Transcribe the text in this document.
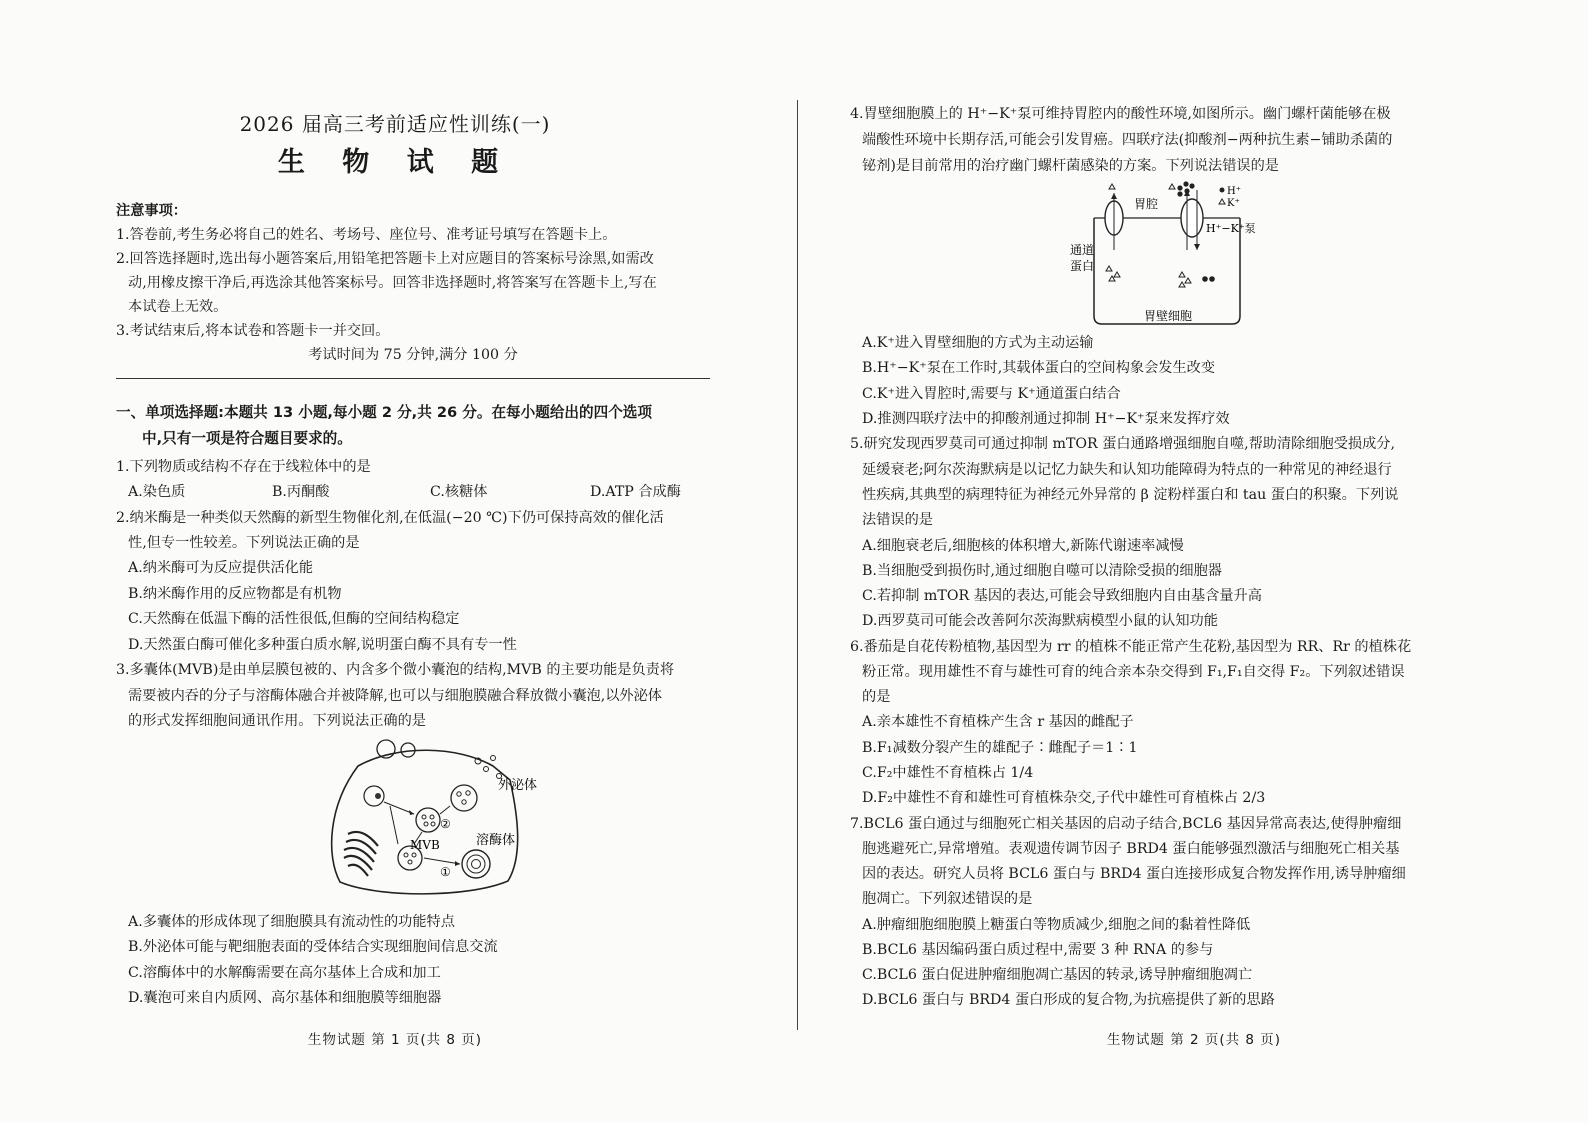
2026 届高三考前适应性训练(一)
生 物 试 题
注意事项：
1.答卷前,考生务必将自己的姓名、考场号、座位号、准考证号填写在答题卡上。
2.回答选择题时,选出每小题答案后,用铅笔把答题卡上对应题目的答案标号涂黑,如需改
动,用橡皮擦干净后,再选涂其他答案标号。回答非选择题时,将答案写在答题卡上,写在
本试卷上无效。
3.考试结束后,将本试卷和答题卡一并交回。
考试时间为 75 分钟,满分 100 分
一、单项选择题:本题共 13 小题,每小题 2 分,共 26 分。在每小题给出的四个选项
中,只有一项是符合题目要求的。
1.下列物质或结构不存在于线粒体中的是
A.染色质	B.丙酮酸	C.核糖体	D.ATP 合成酶
2.纳米酶是一种类似天然酶的新型生物催化剂,在低温(−20 ℃)下仍可保持高效的催化活
性,但专一性较差。下列说法正确的是
A.纳米酶可为反应提供活化能
B.纳米酶作用的反应物都是有机物
C.天然酶在低温下酶的活性很低,但酶的空间结构稳定
D.天然蛋白酶可催化多种蛋白质水解,说明蛋白酶不具有专一性
3.多囊体(MVB)是由单层膜包被的、内含多个微小囊泡的结构,MVB 的主要功能是负责将
需要被内吞的分子与溶酶体融合并被降解,也可以与细胞膜融合释放微小囊泡,以外泌体
的形式发挥细胞间通讯作用。下列说法正确的是
外泌体
溶酶体
MVB
②
①
A.多囊体的形成体现了细胞膜具有流动性的功能特点
B.外泌体可能与靶细胞表面的受体结合实现细胞间信息交流
C.溶酶体中的水解酶需要在高尔基体上合成和加工
D.囊泡可来自内质网、高尔基体和细胞膜等细胞器
生物试题 第 1 页(共 8 页)
4.胃壁细胞膜上的 H⁺−K⁺泵可维持胃腔内的酸性环境,如图所示。幽门螺杆菌能够在极
端酸性环境中长期存活,可能会引发胃癌。四联疗法(抑酸剂−两种抗生素−铺助杀菌的
铋剂)是目前常用的治疗幽门螺杆菌感染的方案。下列说法错误的是
H⁺
K⁺
胃腔
通道
蛋白
H⁺−K⁺泵
胃壁细胞
A.K⁺进入胃壁细胞的方式为主动运输
B.H⁺−K⁺泵在工作时,其载体蛋白的空间构象会发生改变
C.K⁺进入胃腔时,需要与 K⁺通道蛋白结合
D.推测四联疗法中的抑酸剂通过抑制 H⁺−K⁺泵来发挥疗效
5.研究发现西罗莫司可通过抑制 mTOR 蛋白通路增强细胞自噬,帮助清除细胞受损成分,
延缓衰老;阿尔茨海默病是以记忆力缺失和认知功能障碍为特点的一种常见的神经退行
性疾病,其典型的病理特征为神经元外异常的 β 淀粉样蛋白和 tau 蛋白的积聚。下列说
法错误的是
A.细胞衰老后,细胞核的体积增大,新陈代谢速率减慢
B.当细胞受到损伤时,通过细胞自噬可以清除受损的细胞器
C.若抑制 mTOR 基因的表达,可能会导致细胞内自由基含量升高
D.西罗莫司可能会改善阿尔茨海默病模型小鼠的认知功能
6.番茄是自花传粉植物,基因型为 rr 的植株不能正常产生花粉,基因型为 RR、Rr 的植株花
粉正常。现用雄性不育与雄性可育的纯合亲本杂交得到 F₁,F₁自交得 F₂。下列叙述错误
的是
A.亲本雄性不育植株产生含 r 基因的雌配子
B.F₁减数分裂产生的雄配子∶雌配子＝1∶1
C.F₂中雄性不育植株占 1/4
D.F₂中雄性不育和雄性可育植株杂交,子代中雄性可育植株占 2/3
7.BCL6 蛋白通过与细胞死亡相关基因的启动子结合,BCL6 基因异常高表达,使得肿瘤细
胞逃避死亡,异常增殖。表观遗传调节因子 BRD4 蛋白能够强烈激活与细胞死亡相关基
因的表达。研究人员将 BCL6 蛋白与 BRD4 蛋白连接形成复合物发挥作用,诱导肿瘤细
胞凋亡。下列叙述错误的是
A.肿瘤细胞细胞膜上糖蛋白等物质减少,细胞之间的黏着性降低
B.BCL6 基因编码蛋白质过程中,需要 3 种 RNA 的参与
C.BCL6 蛋白促进肿瘤细胞凋亡基因的转录,诱导肿瘤细胞凋亡
D.BCL6 蛋白与 BRD4 蛋白形成的复合物,为抗癌提供了新的思路
生物试题 第 2 页(共 8 页)
